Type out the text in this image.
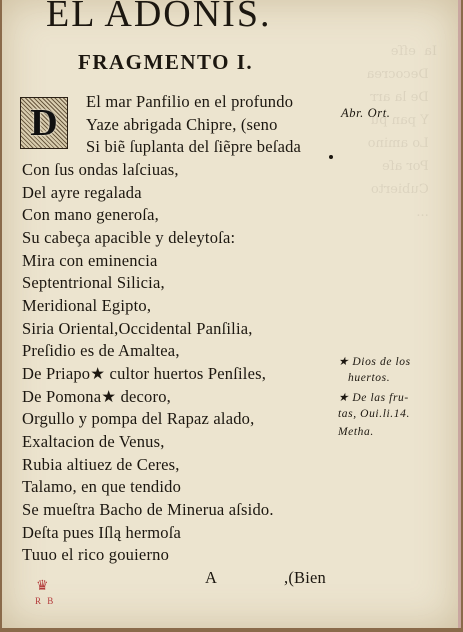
Ia  eſſe
Decocrea
De la arr
Y pan pu
Lo amino
Por aſe
Cubierto
...
EL ADONIS.
FRAGMENTO I.
D
El mar Panfilio en el profundo
Yaze abrigada Chipre, (seno
Si biẽ ſuplanta del ſiẽpre beſada
Con ſus ondas laſciuas,
Del ayre regalada
Con mano generoſa,
Su cabeça apacible y deleytoſa:
Mira con eminencia
Septentrional Silicia,
Meridional Egipto,
Siria Oriental,Occidental Panſilia,
Preſidio es de Amaltea,
De Priapo★ cultor huertos Penſiles,
De Pomona★ decoro,
Orgullo y pompa del Rapaz alado,
Exaltacion de Venus,
Rubia altiuez de Ceres,
Talamo, en que tendido
Se mueſtra Bacho de Minerua aſsido.
Deſta pues Iſlą hermoſa
Tuuo el rico gouierno
A	,(Bien
Abr. Ort.
★ Dios de los
huertos.
★ De las fru-
tas, Oui.li.14.
Metha.
♛
R B
